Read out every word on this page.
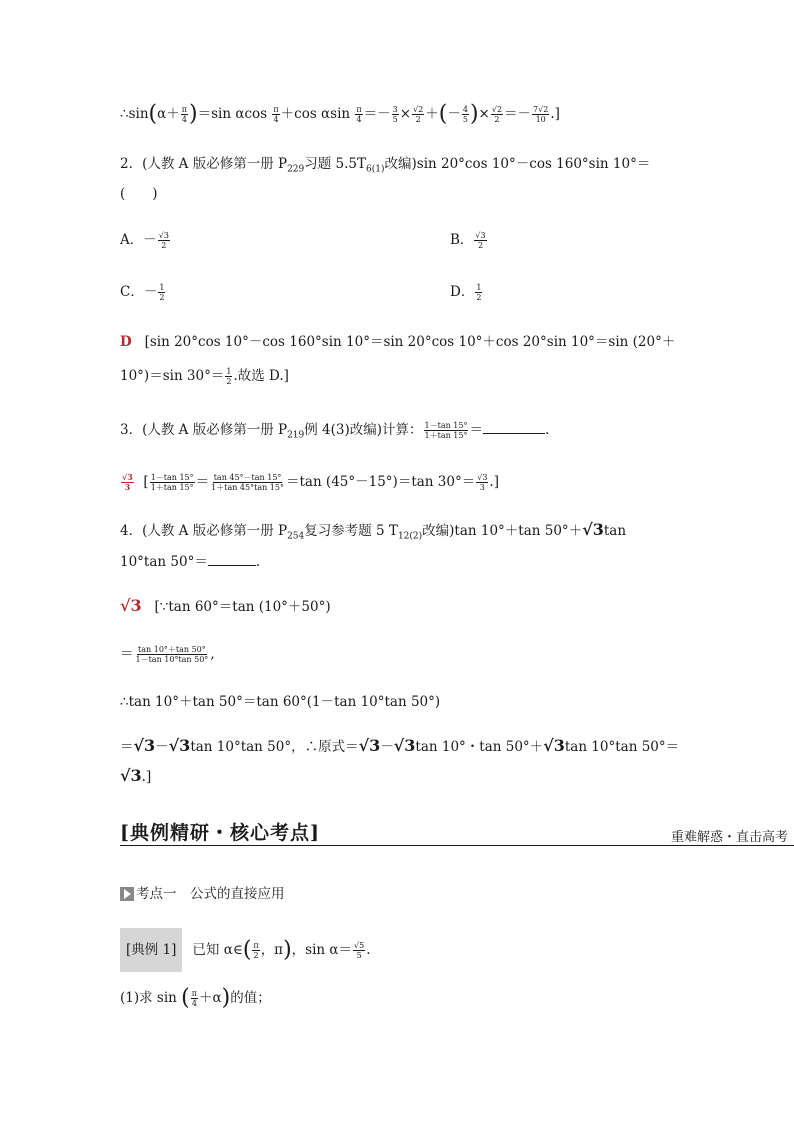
∴sin(α＋ $\frac{\pi}{4} )=\sin$ αcos $\frac{\pi}{4} +\cos$ αsin $\frac{\pi}{4} =- \frac{3}{5} \times \frac{√2}{2}$ ＋(－ $\frac{4}{5}$ )× $\frac{√2}{2} =- \frac{7√2}{10}$ .]
2．(人教 A 版必修第一册 $P_{229}$习题 $5.5T_{6(1)}$改编)sin 20°cos 10°－cos 160°sin 10°＝
(　　)
A．－ $\frac{√3}{2}$	B． $\frac{√3}{2}$
C．－ $\frac{1}{2}$	D． $\frac{1}{2}$
D [sin 20°cos 10°－cos 160°sin 10°＝sin 20°cos 10°＋cos 20°sin 10°＝sin (20°＋
10°)＝sin $30^\circ= \frac{1}{2}$ .故选 D.]
3．(人教 A 版必修第一册 $P_{219}$例 4(3)改编)计算： $\frac{1-\tan 15^\circ}{1+\tan 15^\circ}$ ＝	.
$\frac{√3}{3}$ [ $\frac{1-\tan 15^\circ}{1+\tan 15^\circ} = \frac{\tan 45^\circ-\tan 15^\circ}{1+\tan 45^\circ\tan 15^\circ} =\tan$ (45°－15°)＝tan $30^\circ= \frac{√3}{3}$ .]
4．(人教 A 版必修第一册 $P_{254}$复习参考题 5 $T_{12(2)}$改编)tan 10°＋tan 50°＋√3tan
10°tan 50°＝	.
√3 [∵tan 60°＝tan (10°＋50°)
＝ $\frac{\tan 10^\circ+\tan 50^\circ}{1-\tan 10^\circ\tan 50^\circ}$ ,
∴tan 10°＋tan 50°＝tan 60°(1－tan 10°tan 50°)
＝√3－√3tan 10°tan 50°，∴原式＝√3－√3tan 10°・tan 50°＋√3tan 10°tan 50°＝
√3.]
[典例精研・核心考点]	重难解惑・直击高考
考点一　公式的直接应用
[典例 1] 已知 α∈( $\frac{\pi}{2}$ ，π)，$\sin \alpha= \frac{√5}{5}$ .
(1)求 sin ( $\frac{\pi}{4} +\alpha$)的值；
